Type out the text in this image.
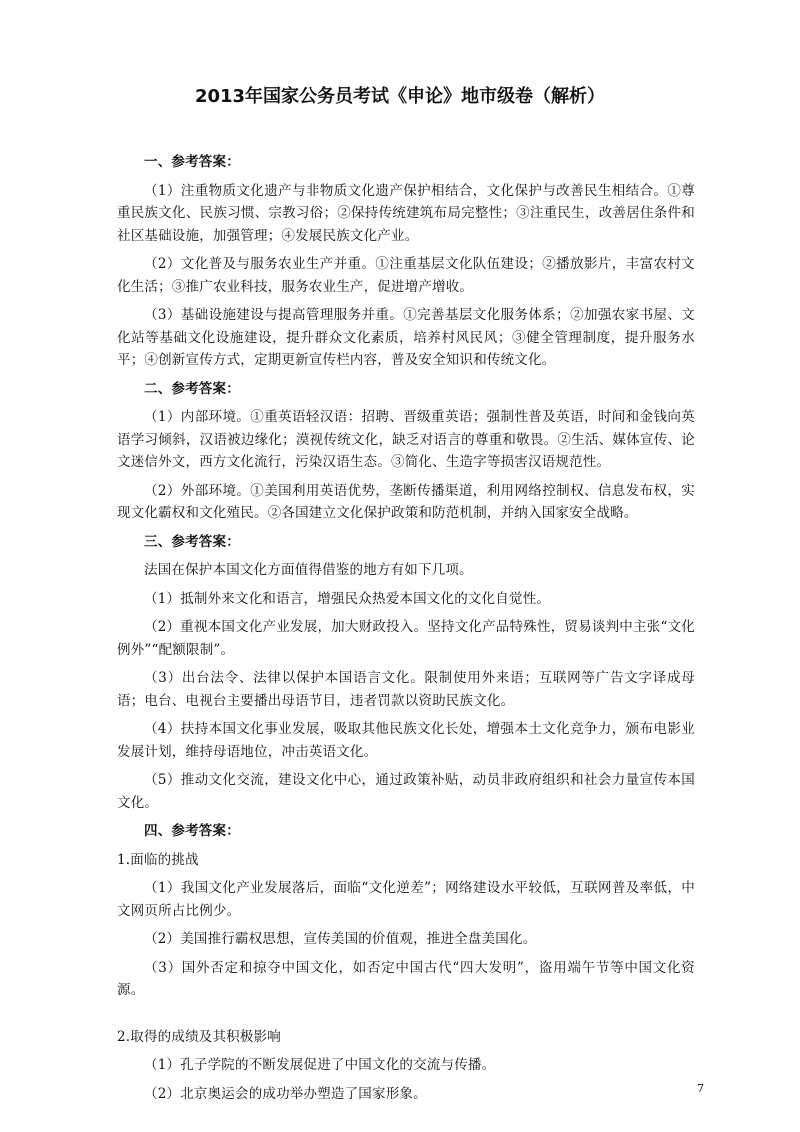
2013年国家公务员考试《申论》地市级卷（解析）
一、参考答案：

（1）注重物质文化遗产与非物质文化遗产保护相结合，文化保护与改善民生相结合。①尊重民族文化、民族习惯、宗教习俗；②保持传统建筑布局完整性；③注重民生，改善居住条件和社区基础设施，加强管理；④发展民族文化产业。

（2）文化普及与服务农业生产并重。①注重基层文化队伍建设；②播放影片，丰富农村文化生活；③推广农业科技，服务农业生产，促进增产增收。

（3）基础设施建设与提高管理服务并重。①完善基层文化服务体系；②加强农家书屋、文化站等基础文化设施建设，提升群众文化素质，培养村风民风；③健全管理制度，提升服务水平；④创新宣传方式，定期更新宣传栏内容，普及安全知识和传统文化。

二、参考答案：

（1）内部环境。①重英语轻汉语：招聘、晋级重英语；强制性普及英语，时间和金钱向英语学习倾斜，汉语被边缘化；漠视传统文化，缺乏对语言的尊重和敬畏。②生活、媒体宣传、论文迷信外文，西方文化流行，污染汉语生态。③简化、生造字等损害汉语规范性。

（2）外部环境。①美国利用英语优势，垄断传播渠道，利用网络控制权、信息发布权，实现文化霸权和文化殖民。②各国建立文化保护政策和防范机制，并纳入国家安全战略。

三、参考答案：

法国在保护本国文化方面值得借鉴的地方有如下几项。

（1）抵制外来文化和语言，增强民众热爱本国文化的文化自觉性。

（2）重视本国文化产业发展，加大财政投入。坚持文化产品特殊性，贸易谈判中主张“文化例外”“配额限制”。

（3）出台法令、法律以保护本国语言文化。限制使用外来语；互联网等广告文字译成母语；电台、电视台主要播出母语节目，违者罚款以资助民族文化。

（4）扶持本国文化事业发展，吸取其他民族文化长处，增强本土文化竞争力，颁布电影业发展计划，维持母语地位，冲击英语文化。

（5）推动文化交流，建设文化中心，通过政策补贴，动员非政府组织和社会力量宣传本国文化。

四、参考答案：

1.面临的挑战

（1）我国文化产业发展落后，面临“文化逆差”；网络建设水平较低，互联网普及率低，中文网页所占比例少。

（2）美国推行霸权思想，宣传美国的价值观，推进全盘美国化。

（3）国外否定和掠夺中国文化，如否定中国古代“四大发明”，盗用端午节等中国文化资源。

2.取得的成绩及其积极影响

（1）孔子学院的不断发展促进了中国文化的交流与传播。

（2）北京奥运会的成功举办塑造了国家形象。	7
